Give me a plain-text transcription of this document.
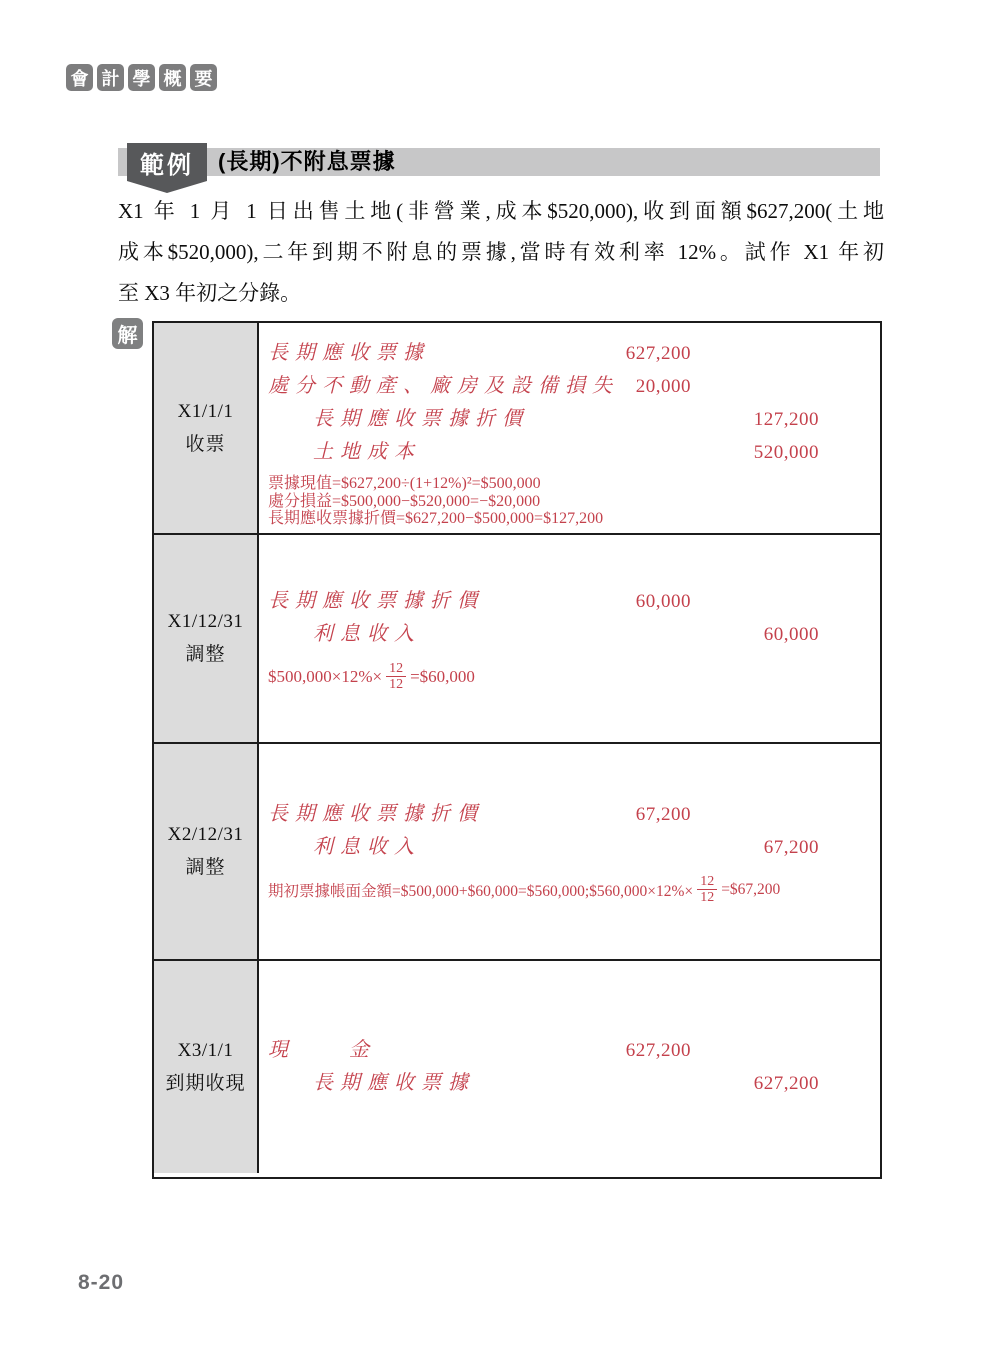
會 計 學 概 要
範例 (長期)不附息票據
X1 年 1 月 1 日出售土地(非營業,成本$520,000),收到面額$627,200(土地
成本$520,000),二年到期不附息的票據,當時有效利率 12%。試作 X1 年初
至 X3 年初之分錄。
解
X1/1/1
收票
長期應收票據	627,200
處分不動產、廠房及設備損失 20,000
長期應收票據折價	127,200
土地成本	520,000
票據現值=$627,200÷(1+12%)²=$500,000
處分損益=$500,000−$520,000=−$20,000
長期應收票據折價=$627,200−$500,000=$127,200
X1/12/31
調整
長期應收票據折價	60,000
利息收入	60,000
$500,000×12%× $\frac{12}{12}$ =$60,000
X2/12/31
調整
長期應收票據折價	67,200
利息收入	67,200
期初票據帳面金額=$500,000+$60,000=$560,000;$560,000×12%× $\frac{12}{12}$ =$67,200
X3/1/1
到期收現
現　　金	627,200
長期應收票據	627,200
8-20
